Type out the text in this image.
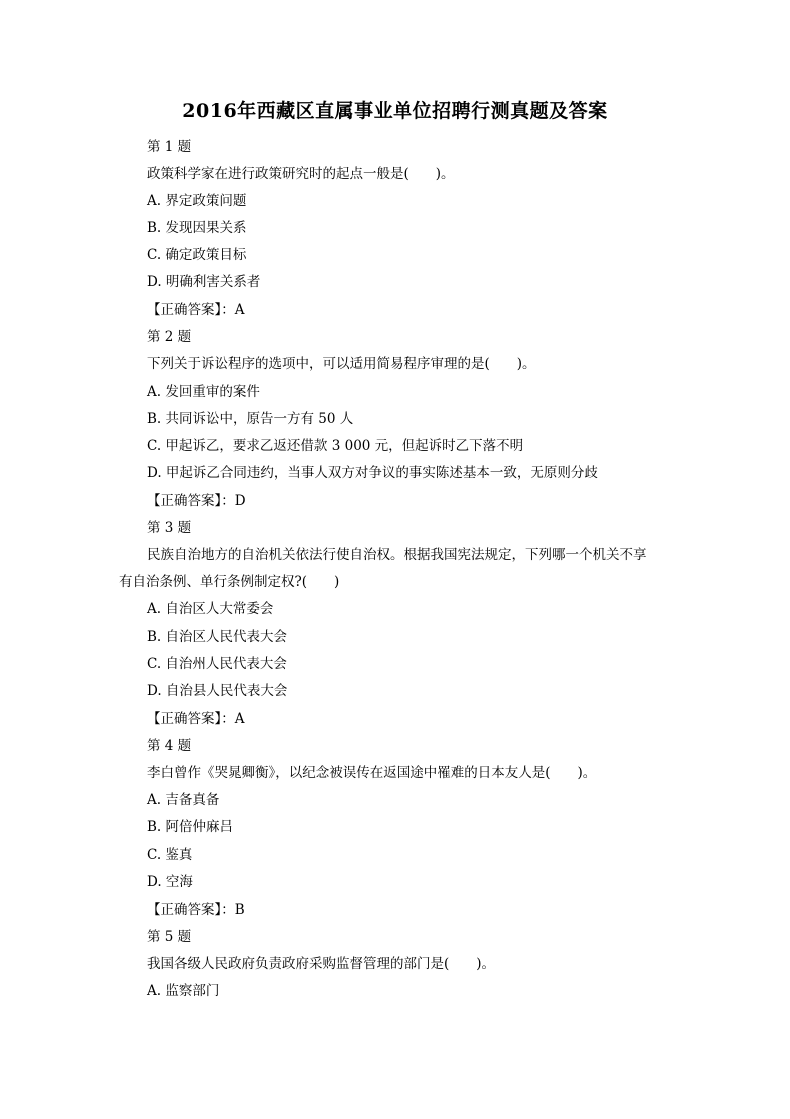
2016年西藏区直属事业单位招聘行测真题及答案
第 1 题
政策科学家在进行政策研究时的起点一般是(　　)。
A. 界定政策问题
B. 发现因果关系
C. 确定政策目标
D. 明确利害关系者
【正确答案】：A
第 2 题
下列关于诉讼程序的选项中，可以适用简易程序审理的是(　　)。
A. 发回重审的案件
B. 共同诉讼中，原告一方有 50 人
C. 甲起诉乙，要求乙返还借款 3 000 元，但起诉时乙下落不明
D. 甲起诉乙合同违约，当事人双方对争议的事实陈述基本一致，无原则分歧
【正确答案】：D
第 3 题
民族自治地方的自治机关依法行使自治权。根据我国宪法规定，下列哪一个机关不享
有自治条例、单行条例制定权?(　　)
A. 自治区人大常委会
B. 自治区人民代表大会
C. 自治州人民代表大会
D. 自治县人民代表大会
【正确答案】：A
第 4 题
李白曾作《哭晁卿衡》，以纪念被误传在返国途中罹难的日本友人是(　　)。
A. 吉备真备
B. 阿倍仲麻吕
C. 鉴真
D. 空海
【正确答案】：B
第 5 题
我国各级人民政府负责政府采购监督管理的部门是(　　)。
A. 监察部门
